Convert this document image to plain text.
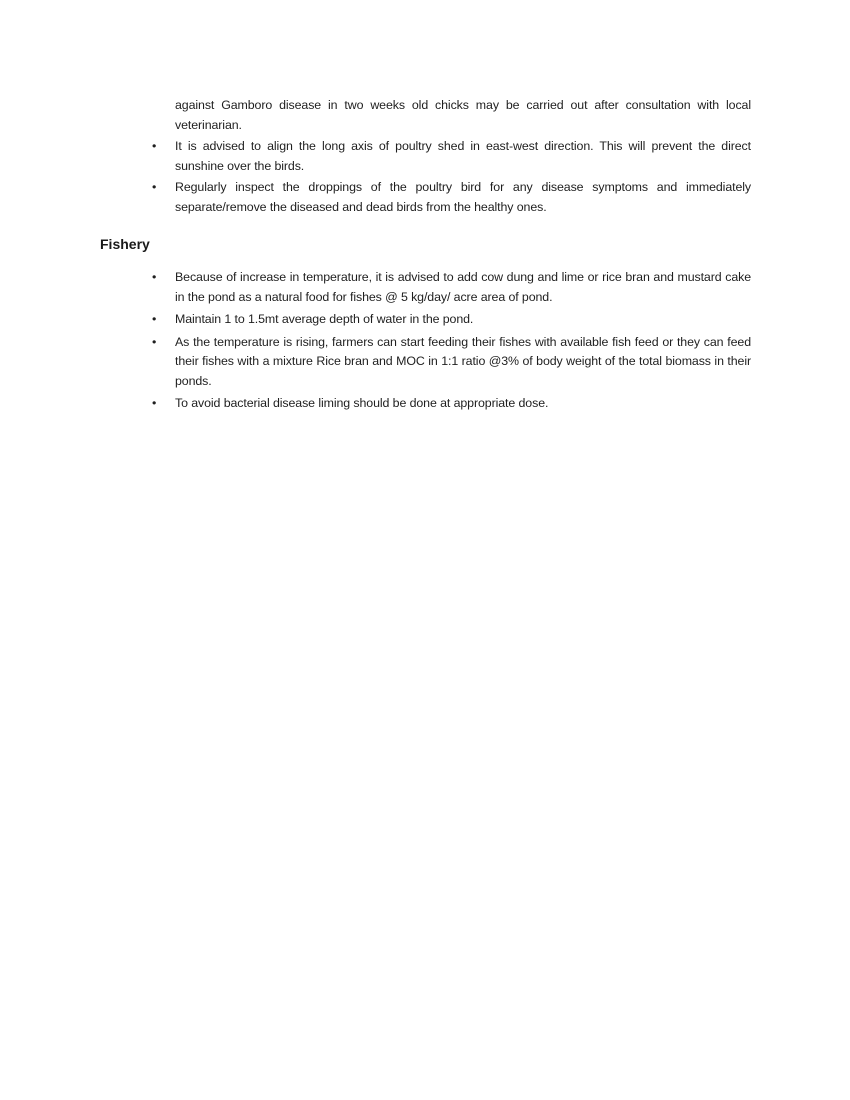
against Gamboro disease in two weeks old chicks may be carried out after consultation with local veterinarian.

•	It is advised to align the long axis of poultry shed in east-west direction. This will prevent the direct sunshine over the birds.
•	Regularly inspect the droppings of the poultry bird for any disease symptoms and immediately separate/remove the diseased and dead birds from the healthy ones.
Fishery
•	Because of increase in temperature, it is advised to add cow dung and lime or rice bran and mustard cake in the pond as a natural food for fishes @ 5 kg/day/ acre area of pond.
•	Maintain 1 to 1.5mt average depth of water in the pond.
•	As the temperature is rising, farmers can start feeding their fishes with available fish feed or they can feed their fishes with a mixture Rice bran and MOC in 1:1 ratio @3% of body weight of the total biomass in their ponds.
•	To avoid bacterial disease liming should be done at appropriate dose.
